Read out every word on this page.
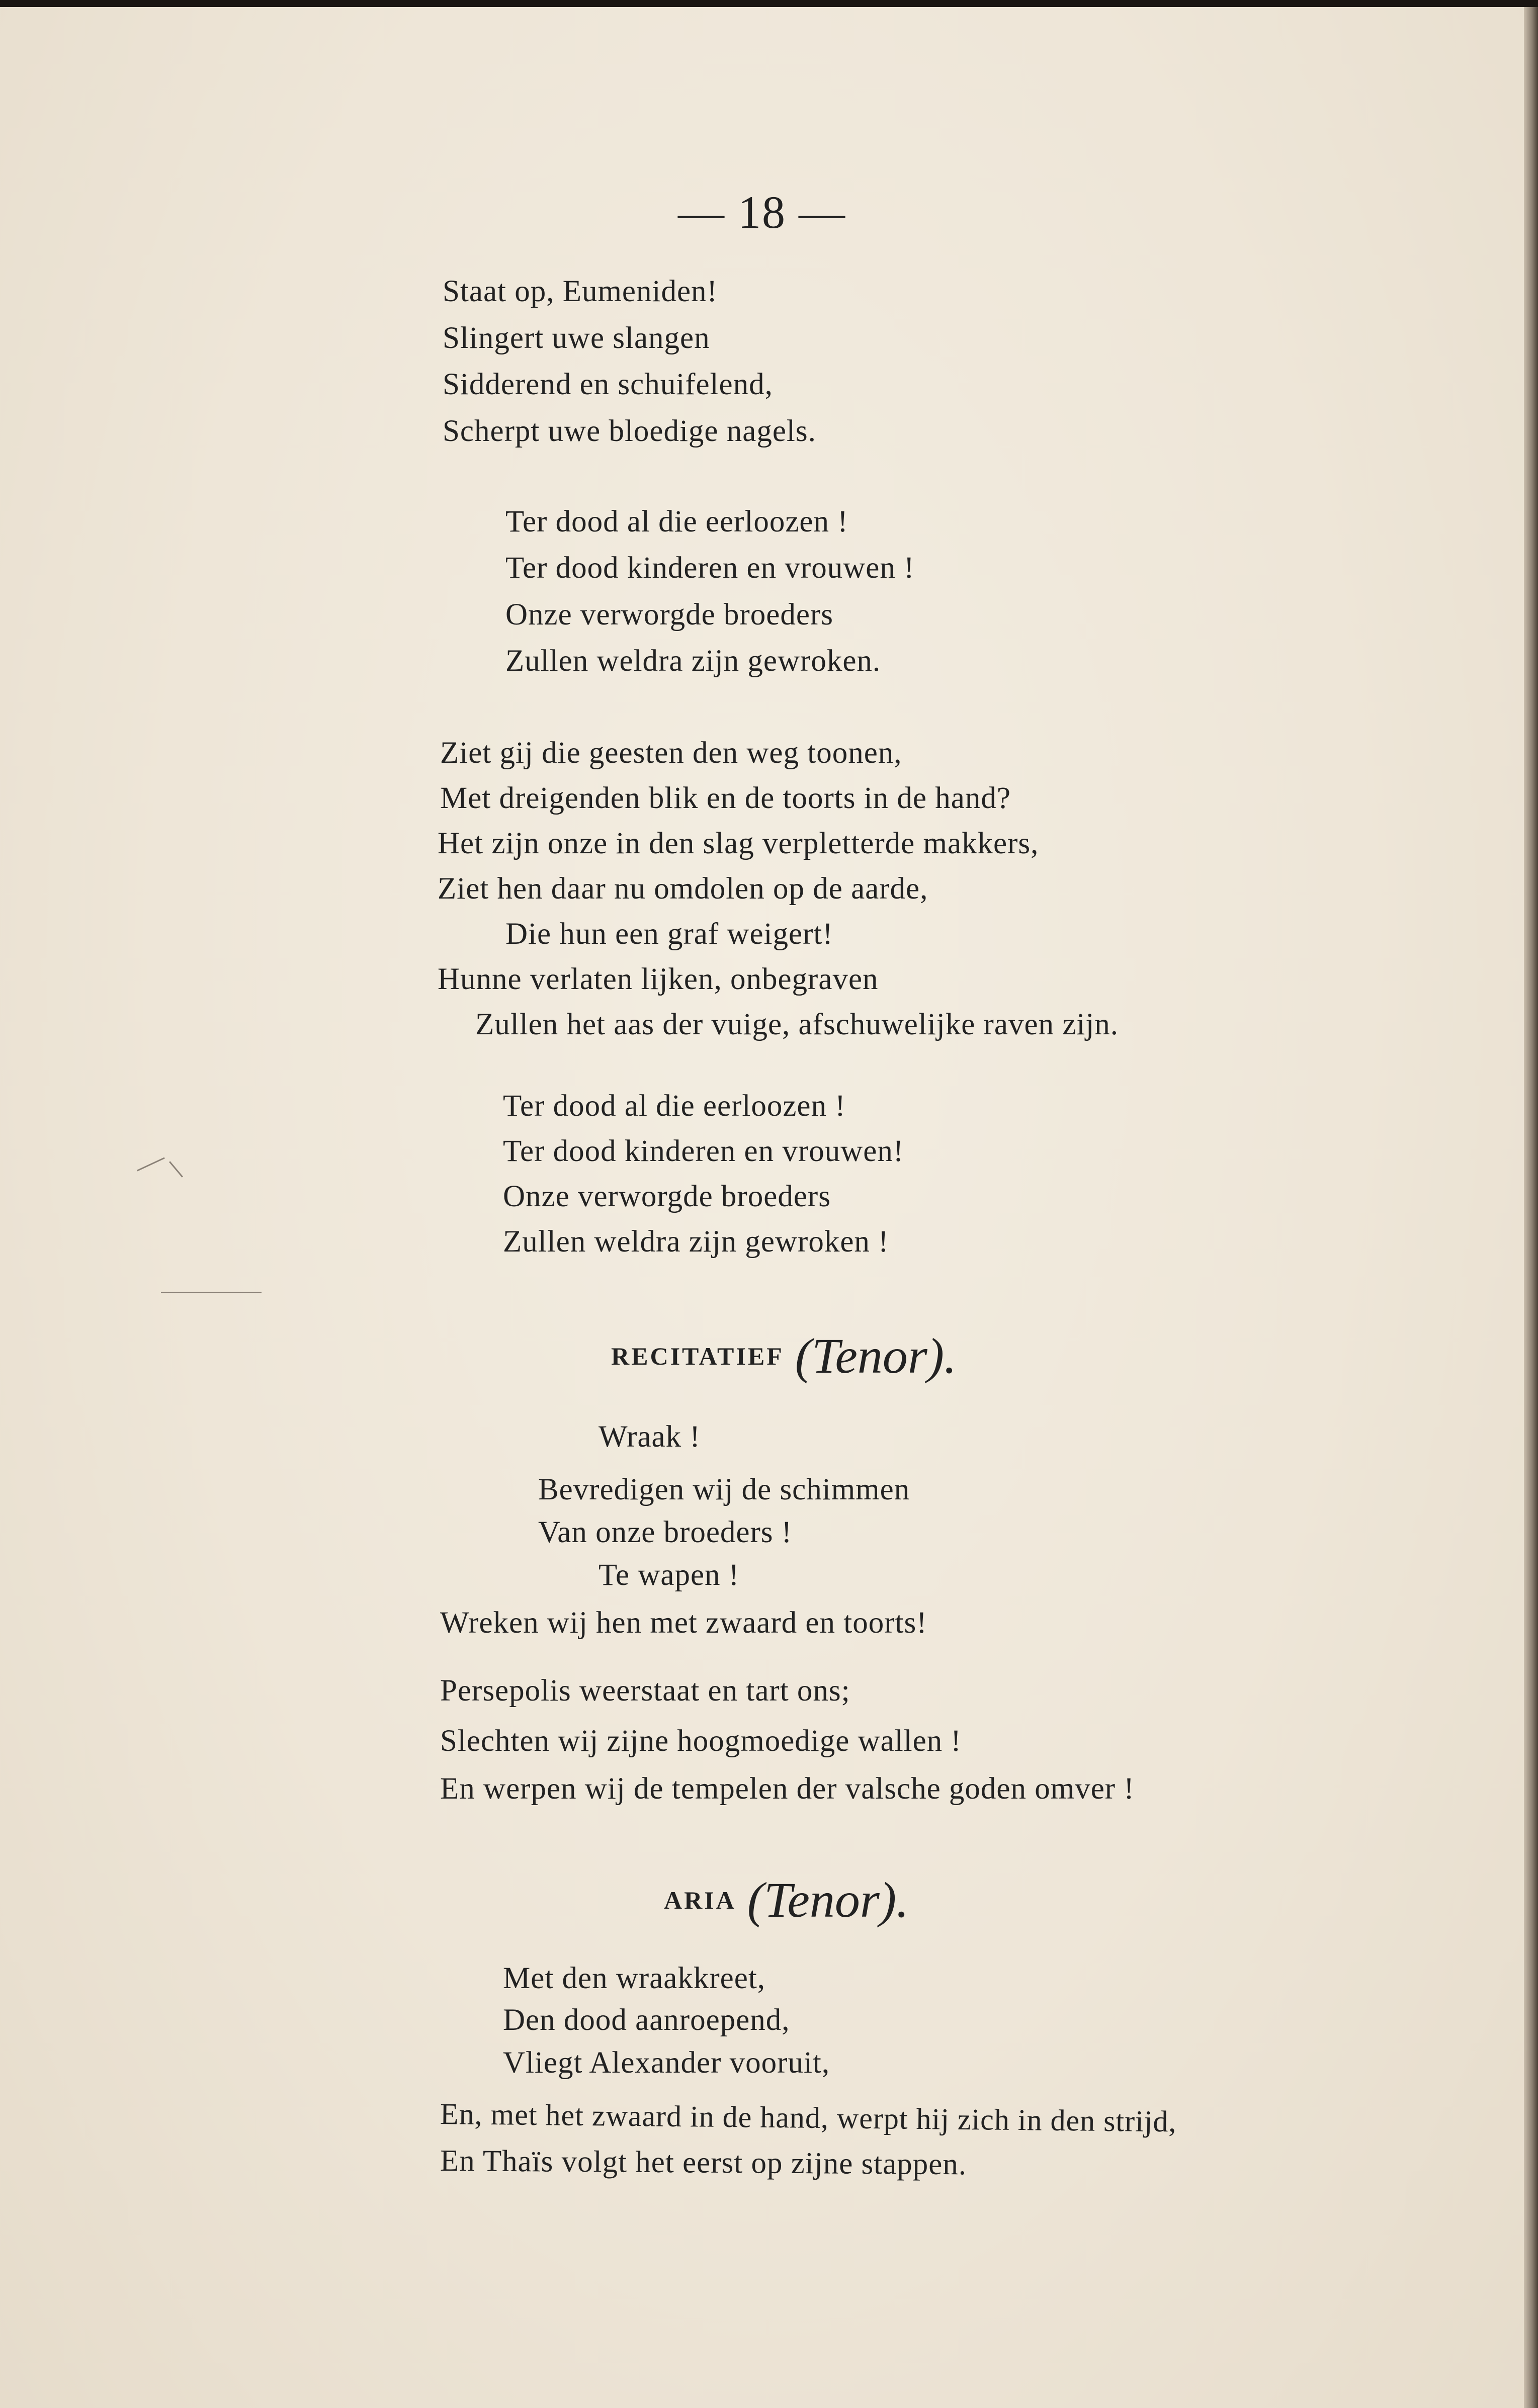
— 18 —
Staat op, Eumeniden!
Slingert uwe slangen
Sidderend en schuifelend,
Scherpt uwe bloedige nagels.
Ter dood al die eerloozen !
Ter dood kinderen en vrouwen !
Onze verworgde broeders
Zullen weldra zijn gewroken.
Ziet gij die geesten den weg toonen,
Met dreigenden blik en de toorts in de hand?
Het zijn onze in den slag verpletterde makkers,
Ziet hen daar nu omdolen op de aarde,
Die hun een graf weigert!
Hunne verlaten lijken, onbegraven
Zullen het aas der vuige, afschuwelijke raven zijn.
Ter dood al die eerloozen !
Ter dood kinderen en vrouwen!
Onze verworgde broeders
Zullen weldra zijn gewroken !
RECITATIEF (Tenor).
Wraak !
Bevredigen wij de schimmen
Van onze broeders !
Te wapen !
Wreken wij hen met zwaard en toorts!
Persepolis weerstaat en tart ons;
Slechten wij zijne hoogmoedige wallen !
En werpen wij de tempelen der valsche goden omver !
ARIA (Tenor).
Met den wraakkreet,
Den dood aanroepend,
Vliegt Alexander vooruit,
En, met het zwaard in de hand, werpt hij zich in den strijd,
En Thaïs volgt het eerst op zijne stappen.
